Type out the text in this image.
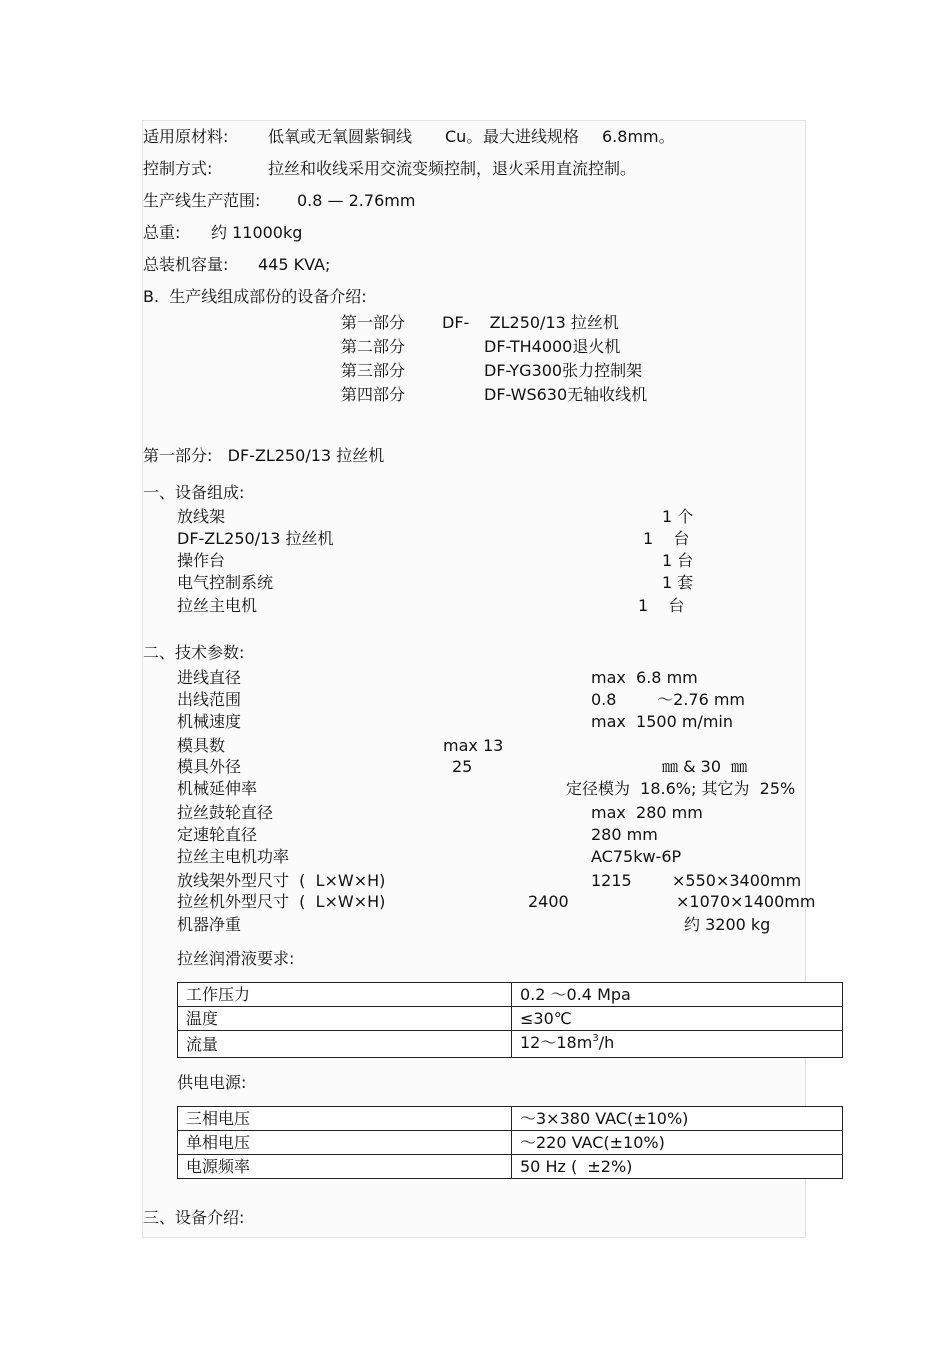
适用原材料: 低氧或无氧圆紫铜线 Cu。 最大进线规格 6.8mm。
控制方式:	拉丝和收线采用交流变频控制，退火采用直流控制。
生产线生产范围: 0.8 — 2.76mm
总重: 约 11000kg
总装机容量: 445 KVA;
B.  生产线组成部份的设备介绍:
第一部分 DF-    ZL250/13 拉丝机
第二部分	DF-TH4000退火机
第三部分	DF-YG300张力控制架
第四部分	DF-WS630无轴收线机
第一部分:   DF-ZL250/13 拉丝机
一、设备组成:
放线架	1 个
DF-ZL250/13 拉丝机	1    台
操作台	1 台
电气控制系统	1 套
拉丝主电机	1    台
二、技术参数:
进线直径	max  6.8 mm
出线范围	0.8        ～2.76 mm
机械速度	max  1500 m/min
模具数	max 13
模具外径	25	㎜ & 30  ㎜
机械延伸率	定径模为  18.6%; 其它为  25%
拉丝鼓轮直径	max  280 mm
定速轮直径	280 mm
拉丝主电机功率	AC75kw-6P
放线架外型尺寸  (  L×W×H)	1215	×550×3400mm
拉丝机外型尺寸  (  L×W×H)	2400	×1070×1400mm
机器净重	约 3200 kg
拉丝润滑液要求:
工作压力	0.2 ～0.4 Mpa
温度	≤30℃
流量	$12\sim 18m^3/h$
供电电源:
三相电压	～3×380 VAC(±10%)
单相电压	～220 VAC(±10%)
电源频率	50 Hz (  ±2%)
三、设备介绍:
